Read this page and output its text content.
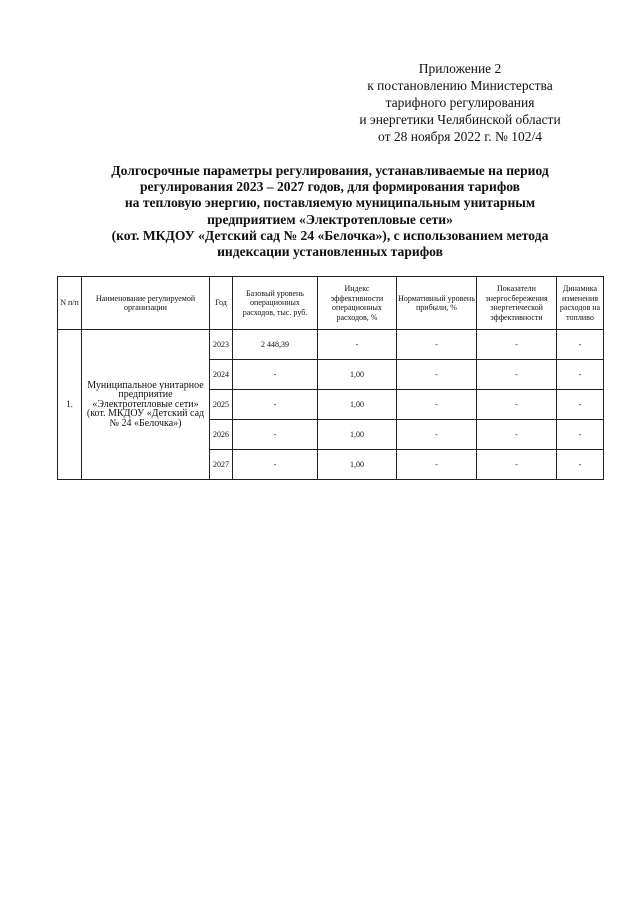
Приложение 2
к постановлению Министерства
тарифного регулирования
и энергетики Челябинской области
от 28 ноября 2022 г. № 102/4
Долгосрочные параметры регулирования, устанавливаемые на период
регулирования 2023 – 2027 годов, для формирования тарифов
на тепловую энергию, поставляемую муниципальным унитарным
предприятием «Электротепловые сети»
(кот. МКДОУ «Детский сад № 24 «Белочка»), с использованием метода
индексации установленных тарифов
N п/п	Наименование регулируемой организации	Год	Базовый уровень операционных расходов, тыс. руб.	Индекс эффективности операционных расходов, %	Нормативный уровень прибыли, %	Показатели энергосбережения энергетической эффективности	Динамика изменения расходов на топливо
1.	Муниципальное унитарное предприятие «Электротепловые сети» (кот. МКДОУ «Детский сад № 24 «Белочка»)	2023	2 448,39	-	-	-	-
		2024	-	1,00	-	-	-
		2025	-	1,00	-	-	-
		2026	-	1,00	-	-	-
		2027	-	1,00	-	-	-
